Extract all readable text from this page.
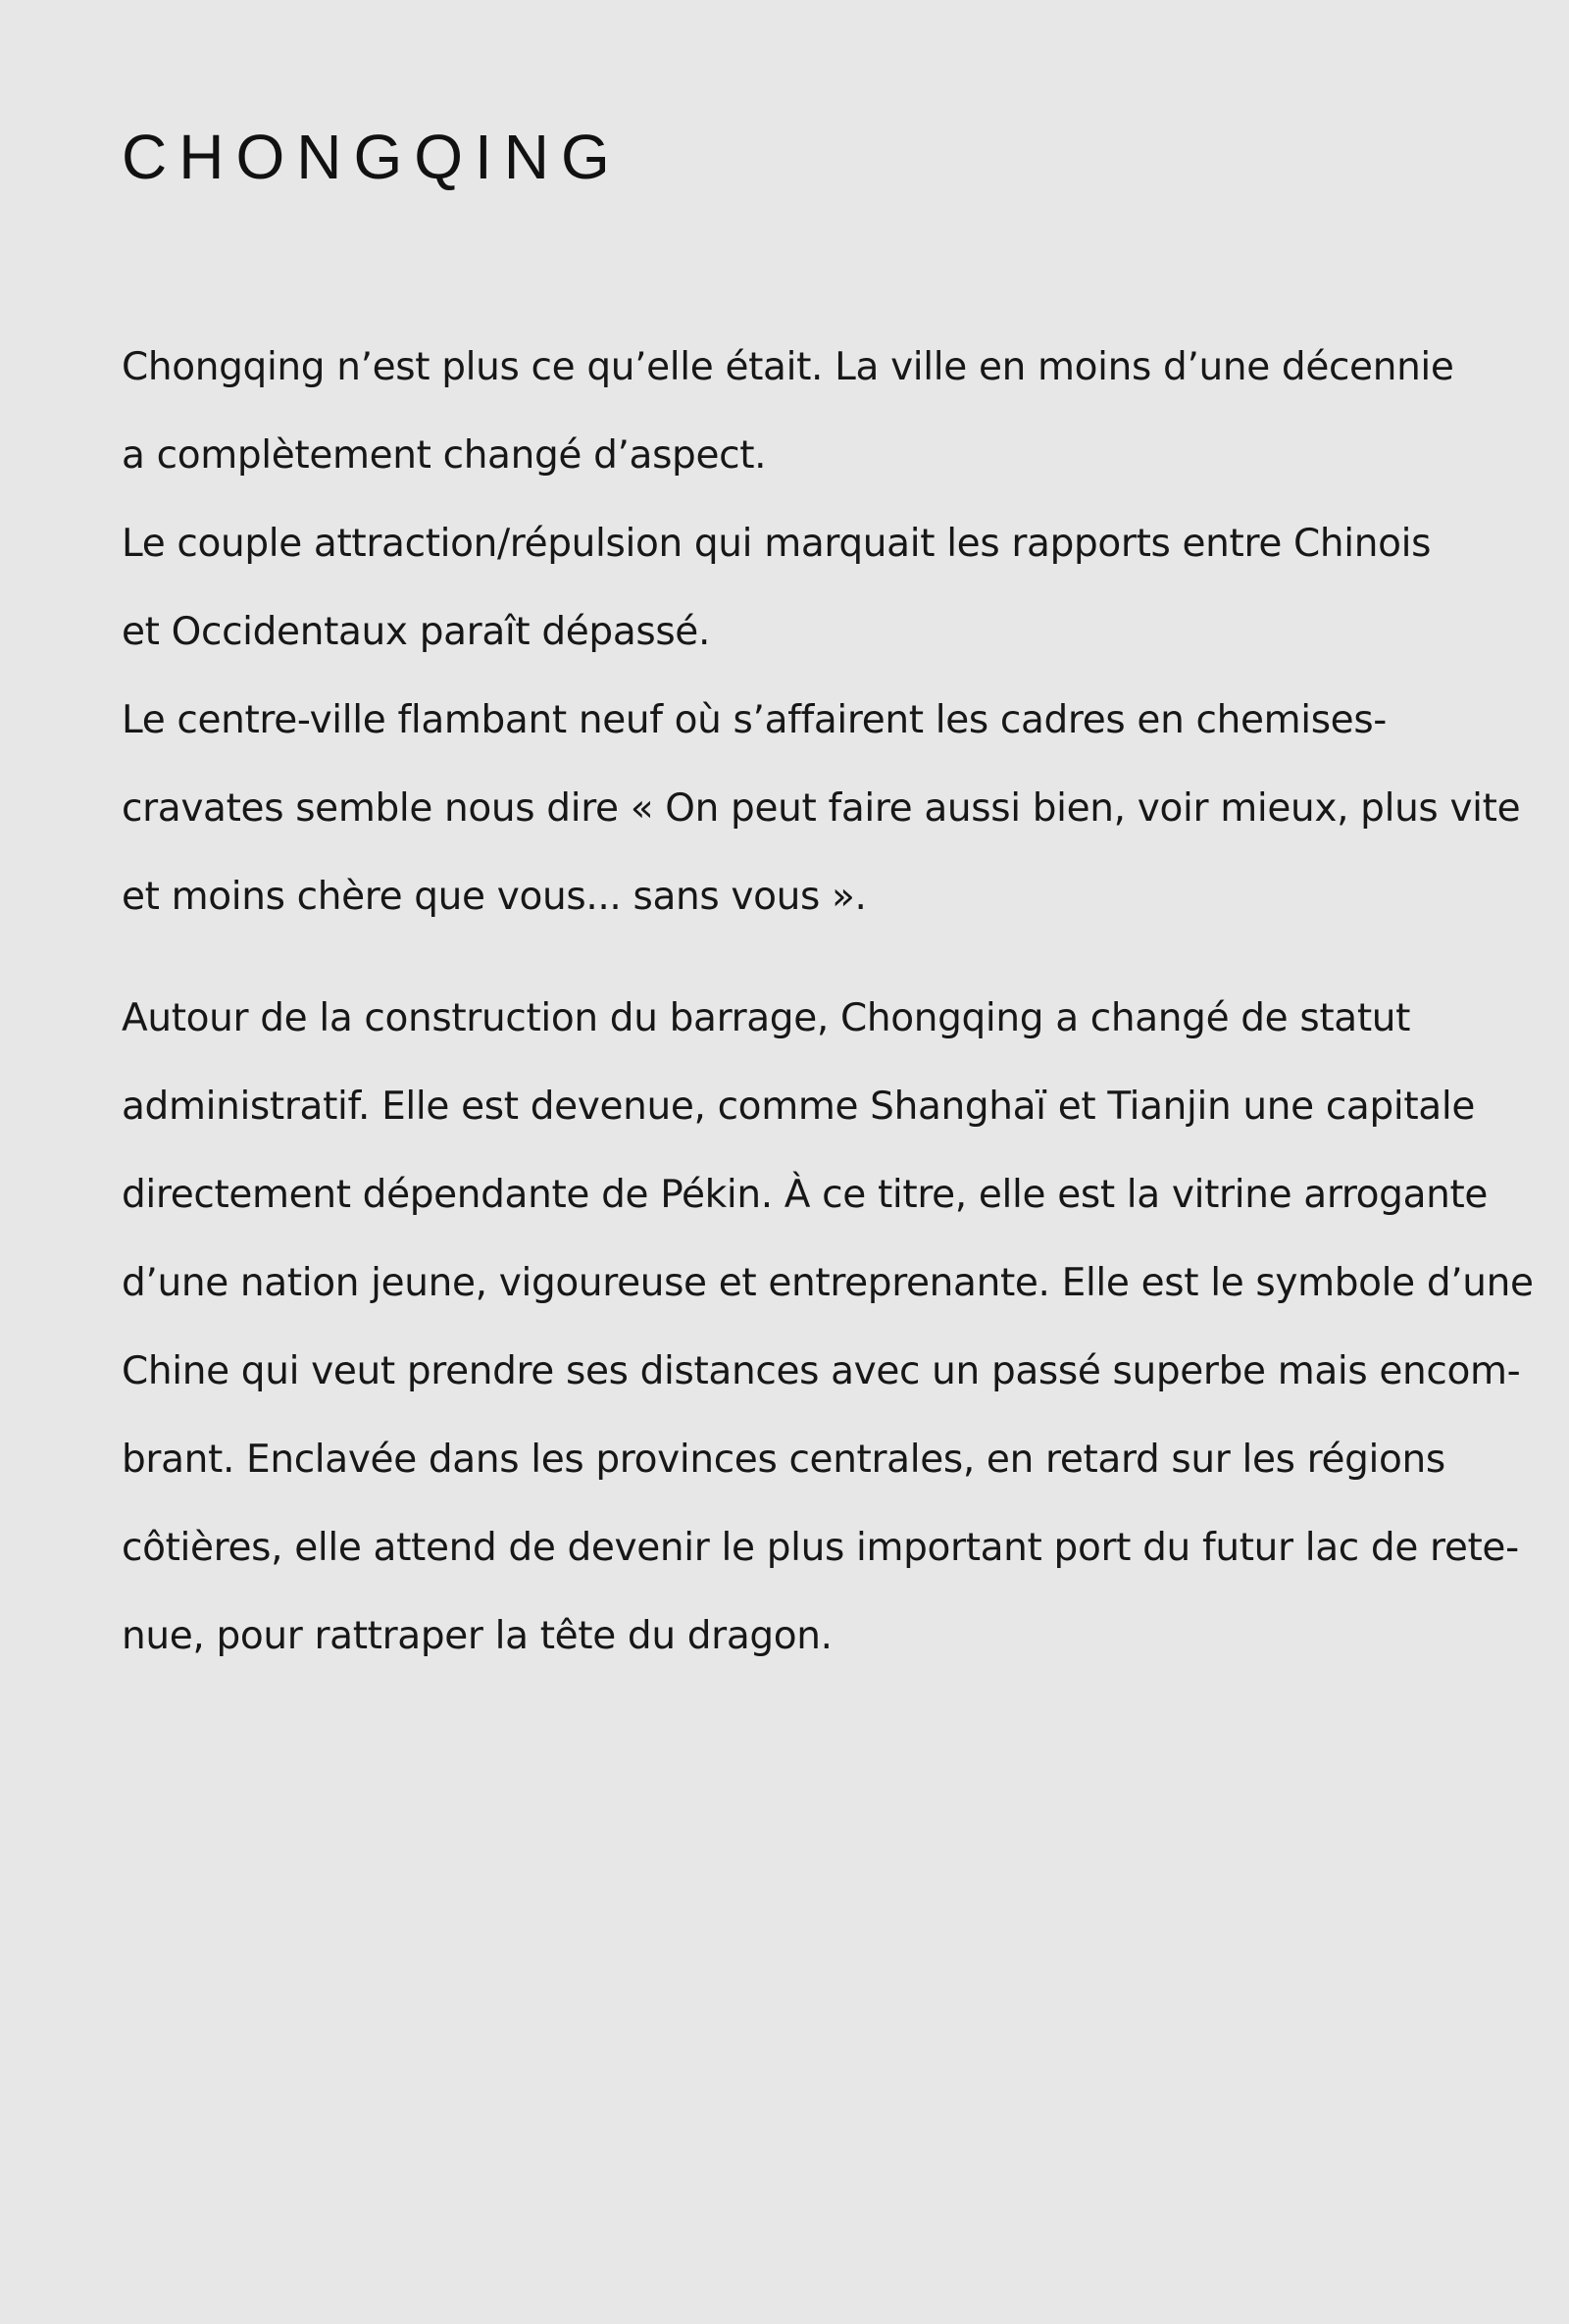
CHONGQING

Chongqing n’est plus ce qu’elle était. La ville en moins d’une décennie
a complètement changé d’aspect.
Le couple attraction/répulsion qui marquait les rapports entre Chinois
et Occidentaux paraît dépassé.
Le centre-ville flambant neuf où s’affairent les cadres en chemises-
cravates semble nous dire « On peut faire aussi bien, voir mieux, plus vite
et moins chère que vous... sans vous ».

Autour de la construction du barrage, Chongqing a changé de statut
administratif. Elle est devenue, comme Shanghaï et Tianjin une capitale
directement dépendante de Pékin. À ce titre, elle est la vitrine arrogante
d’une nation jeune, vigoureuse et entreprenante. Elle est le symbole d’une
Chine qui veut prendre ses distances avec un passé superbe mais encom-
brant. Enclavée dans les provinces centrales, en retard sur les régions
côtières, elle attend de devenir le plus important port du futur lac de rete-
nue, pour rattraper la tête du dragon.
